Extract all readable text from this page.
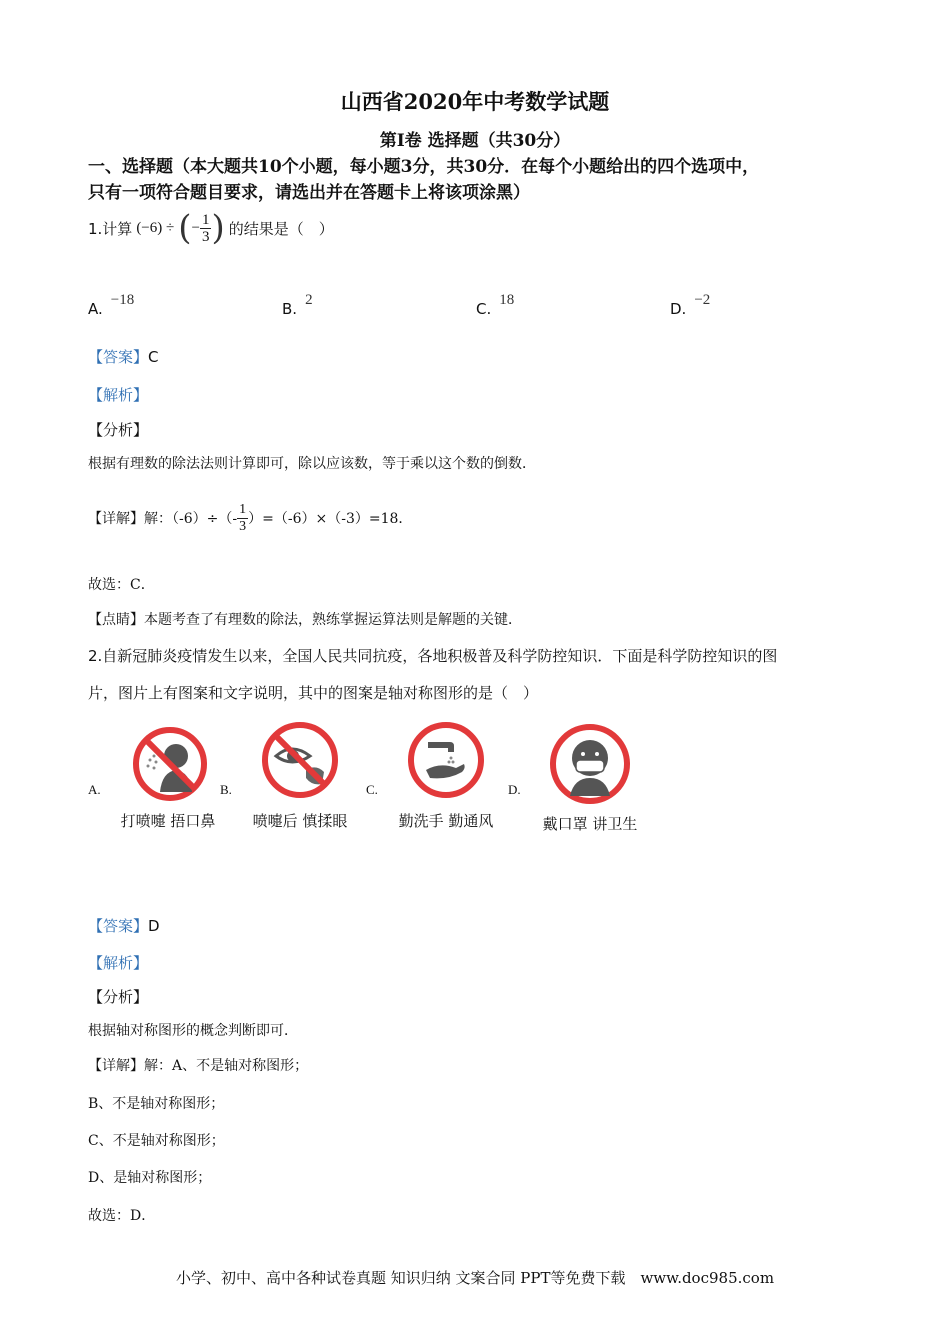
山西省2020年中考数学试题
第I卷 选择题（共30分）
一、选择题（本大题共10个小题，每小题3分，共30分．在每个小题给出的四个选项中，
只有一项符合题目要求，请选出并在答题卡上将该项涂黑）
1.计算 (−6) ÷ ( − $\frac{1}{3}$ ) 的结果是（　）
A. −18	B. 2	C. 18	D. −2
【答案】C
【解析】
【分析】
根据有理数的除法法则计算即可，除以应该数，等于乘以这个数的倒数．
【详解】解：$(-6)\div(- \frac{1}{3} )=(-6)\times(-3)=18$．
故选：C．
【点睛】本题考查了有理数的除法，熟练掌握运算法则是解题的关键．
2.自新冠肺炎疫情发生以来，全国人民共同抗疫，各地积极普及科学防控知识．下面是科学防控知识的图
片，图片上有图案和文字说明，其中的图案是轴对称图形的是（　）
A.
打喷嚏 捂口鼻
B.
喷嚏后 慎揉眼
C.
勤洗手 勤通风
D.
戴口罩 讲卫生
【答案】D
【解析】
【分析】
根据轴对称图形的概念判断即可．
【详解】解：A、不是轴对称图形；
B、不是轴对称图形；
C、不是轴对称图形；
D、是轴对称图形；
故选：D．
小学、初中、高中各种试卷真题 知识归纳 文案合同 PPT等免费下载　www.doc985.com
